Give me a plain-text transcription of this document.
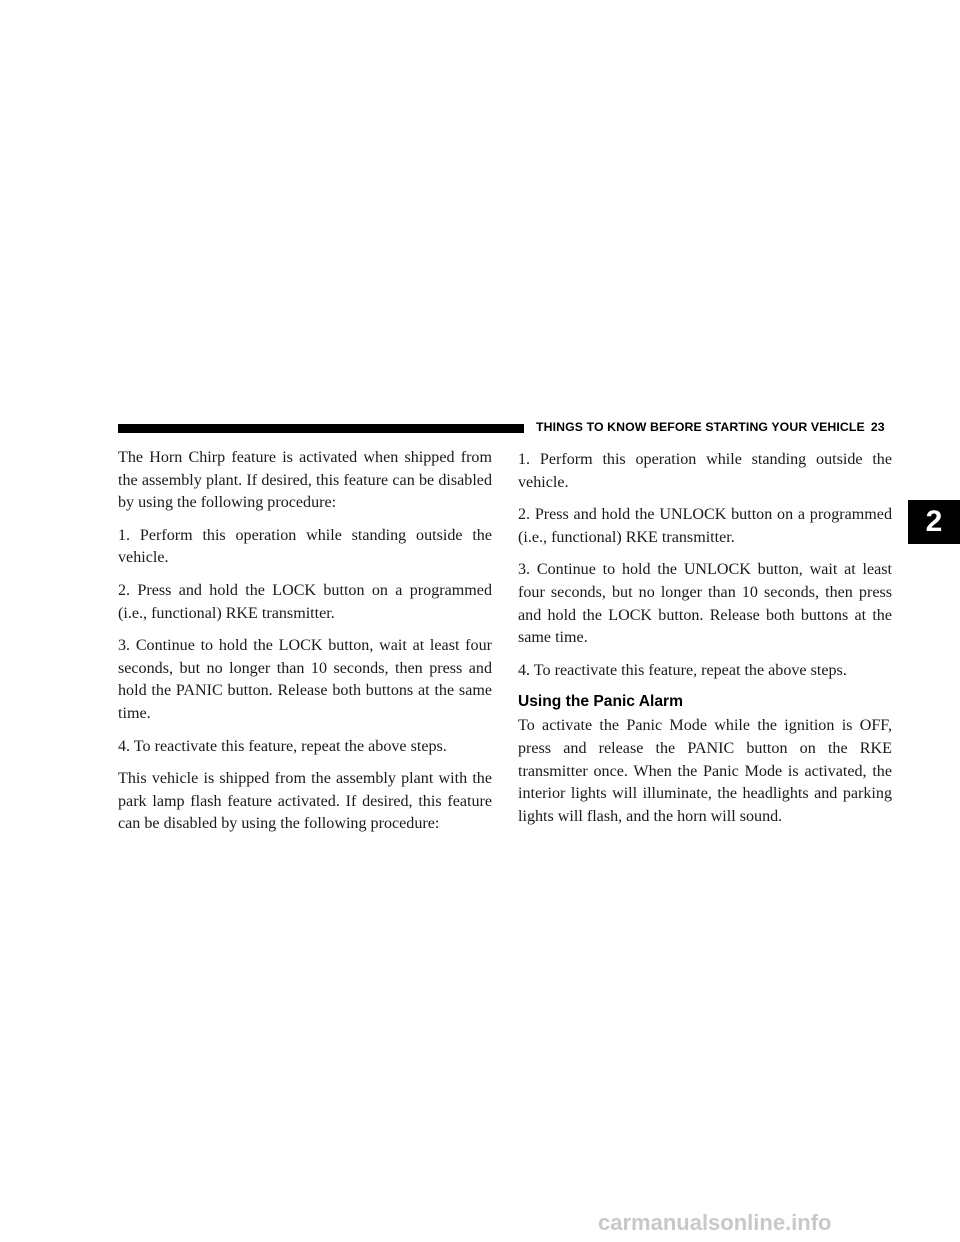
THINGS TO KNOW BEFORE STARTING YOUR VEHICLE 23
2

The Horn Chirp feature is activated when shipped from the assembly plant. If desired, this feature can be disabled by using the following procedure:

1. Perform this operation while standing outside the vehicle.

2. Press and hold the LOCK button on a programmed (i.e., functional) RKE transmitter.

3. Continue to hold the LOCK button, wait at least four seconds, but no longer than 10 seconds, then press and hold the PANIC button. Release both buttons at the same time.

4. To reactivate this feature, repeat the above steps.

This vehicle is shipped from the assembly plant with the park lamp flash feature activated. If desired, this feature can be disabled by using the following procedure:

1. Perform this operation while standing outside the vehicle.

2. Press and hold the UNLOCK button on a programmed (i.e., functional) RKE transmitter.

3. Continue to hold the UNLOCK button, wait at least four seconds, but no longer than 10 seconds, then press and hold the LOCK button. Release both buttons at the same time.

4. To reactivate this feature, repeat the above steps.

Using the Panic Alarm

To activate the Panic Mode while the ignition is OFF, press and release the PANIC button on the RKE transmitter once. When the Panic Mode is activated, the interior lights will illuminate, the headlights and parking lights will flash, and the horn will sound.

carmanualsonline.info
